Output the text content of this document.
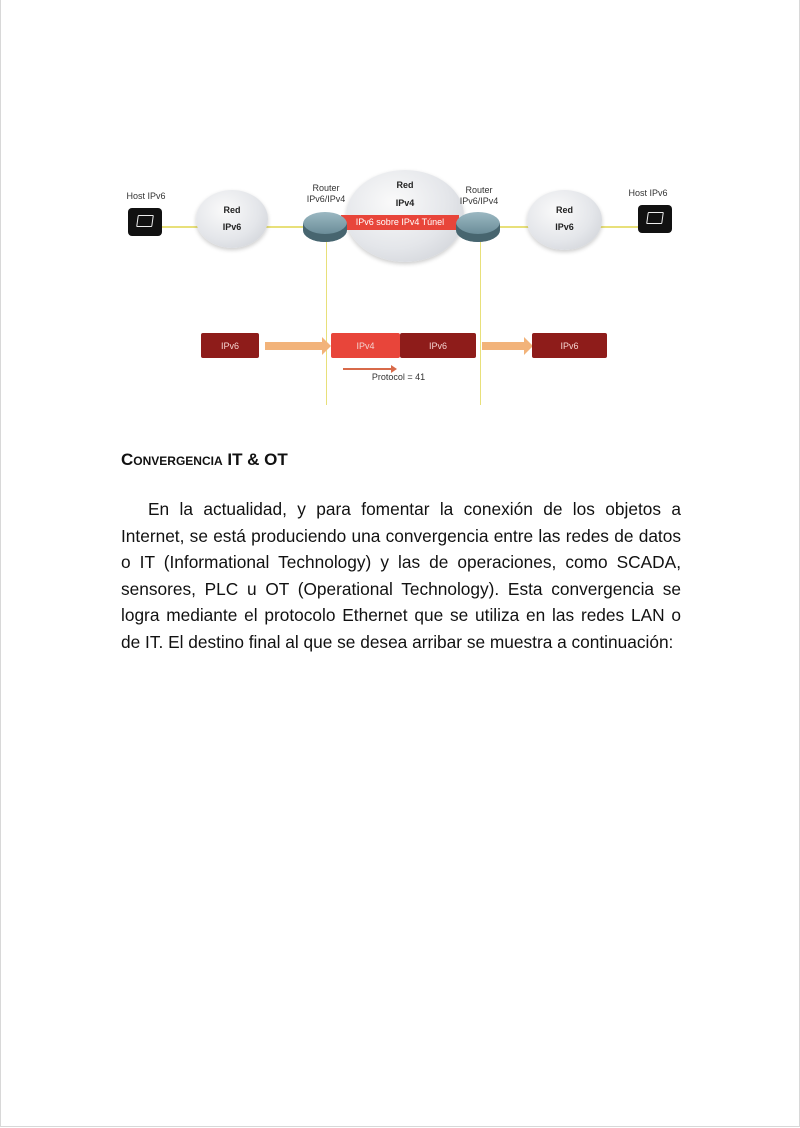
Host IPv6
Red
IPv6
Router
IPv6/IPv4
Red
IPv4
IPv6 sobre IPv4 Túnel
Router
IPv6/IPv4
Red
IPv6
Host IPv6
IPv6	IPv4	IPv6	IPv6
Protocol = 41
Convergencia IT & OT

En la actualidad, y para fomentar la conexión de los objetos a Internet, se está produciendo una convergencia entre las redes de datos o IT (Informational Technology) y las de operaciones, como SCADA, sensores, PLC u OT (Operational Technology). Esta convergencia se logra mediante el protocolo Ethernet que se utiliza en las redes LAN o de IT. El destino final al que se desea arribar se muestra a continuación:
